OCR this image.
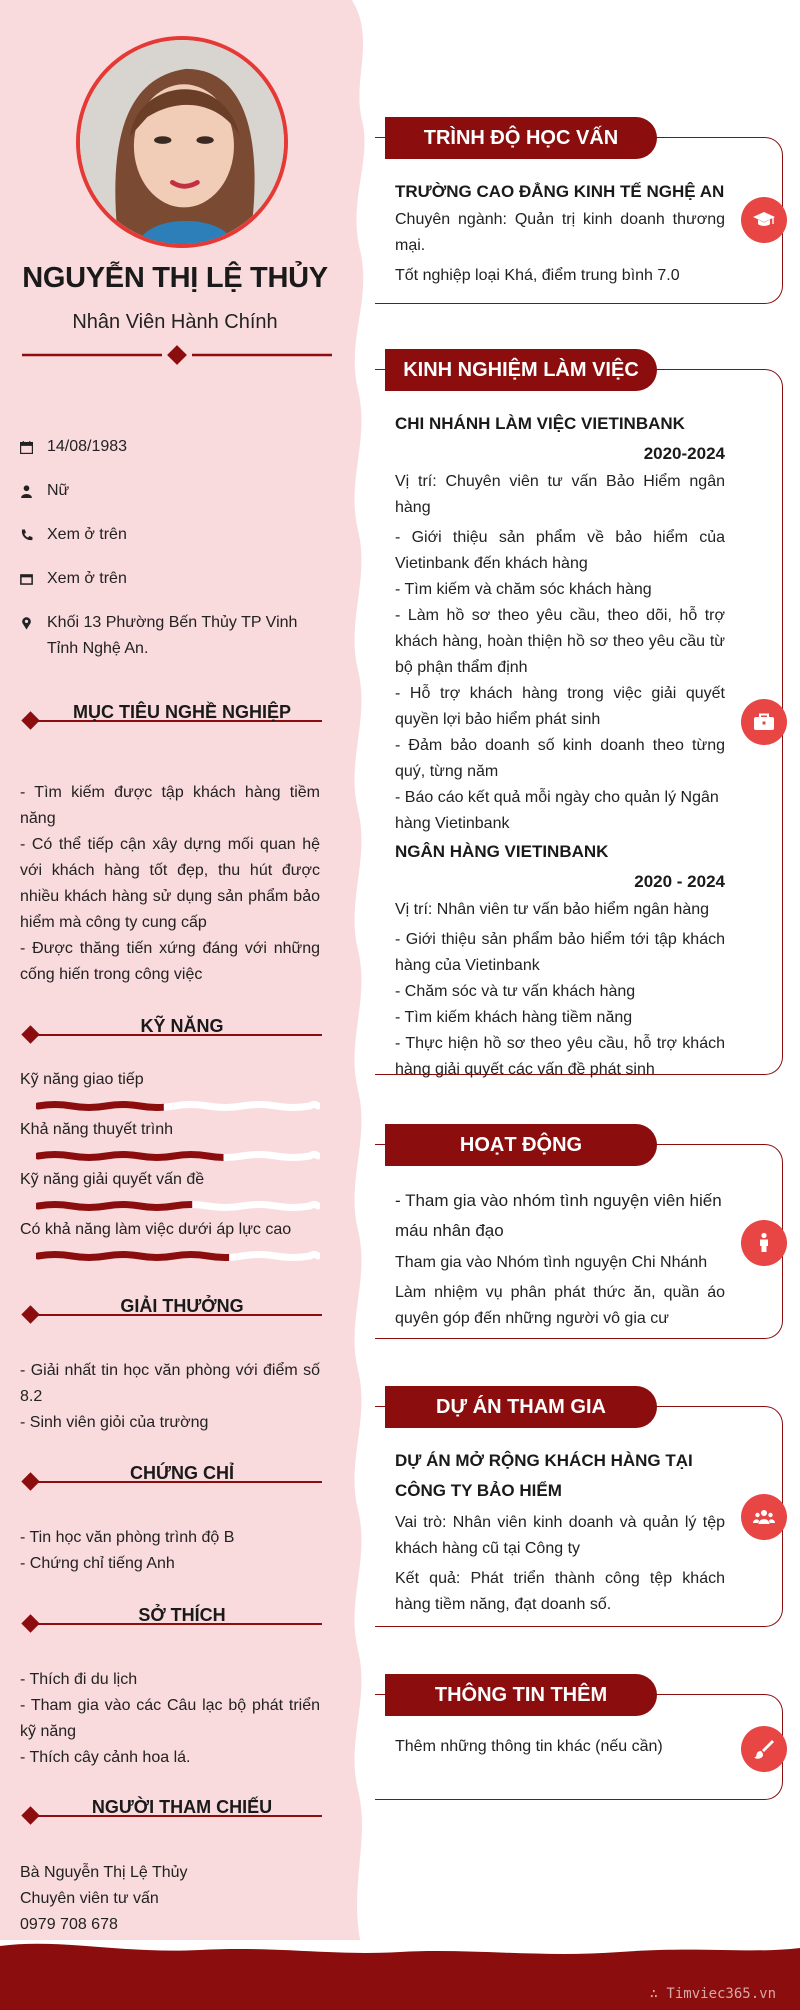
∴ Timviec365.vn
NGUYỄN THỊ LỆ THỦY
Nhân Viên Hành Chính
14/08/1983
Nữ
Xem ở trên
Xem ở trên
Khối 13 Phường Bến Thủy TP Vinh Tỉnh Nghệ An.
MỤC TIÊU NGHỀ NGHIỆP

- Tìm kiếm được tập khách hàng tiềm năng

- Có thể tiếp cận xây dựng mối quan hệ với khách hàng tốt đẹp, thu hút được nhiều khách hàng sử dụng sản phẩm bảo hiểm mà công ty cung cấp

- Được thăng tiến xứng đáng với những cống hiến trong công việc

KỸ NĂNG
Kỹ năng giao tiếp
Khả năng thuyết trình
Kỹ năng giải quyết vấn đề
Có khả năng làm việc dưới áp lực cao
GIẢI THƯỞNG

- Giải nhất tin học văn phòng với điểm số 8.2

- Sinh viên giỏi của trường

CHỨNG CHỈ

- Tin học văn phòng trình độ B

- Chứng chỉ tiếng Anh

SỞ THÍCH

- Thích đi du lịch

- Tham gia vào các Câu lạc bộ phát triển kỹ năng

- Thích cây cảnh hoa lá.

NGƯỜI THAM CHIẾU

Bà Nguyễn Thị Lệ Thủy

Chuyên viên tư vấn

0979 708 678

TRÌNH ĐỘ HỌC VẤN
TRƯỜNG CAO ĐẲNG KINH TẾ NGHỆ AN

Chuyên ngành: Quản trị kinh doanh thương mại.

Tốt nghiệp loại Khá, điểm trung bình 7.0

KINH NGHIỆM LÀM VIỆC
CHI NHÁNH LÀM VIỆC VIETINBANK
2020-2024

Vị trí: Chuyên viên tư vấn Bảo Hiểm ngân hàng

- Giới thiệu sản phẩm về bảo hiểm của Vietinbank đến khách hàng

- Tìm kiếm và chăm sóc khách hàng

- Làm hồ sơ theo yêu cầu, theo dõi, hỗ trợ khách hàng, hoàn thiện hồ sơ theo yêu cầu từ bộ phận thẩm định

- Hỗ trợ khách hàng trong việc giải quyết quyền lợi bảo hiểm phát sinh

- Đảm bảo doanh số kinh doanh theo từng quý, từng năm

- Báo cáo kết quả mỗi ngày cho quản lý Ngân hàng Vietinbank

NGÂN HÀNG VIETINBANK
2020 - 2024

Vị trí: Nhân viên tư vấn bảo hiểm ngân hàng

- Giới thiệu sản phẩm bảo hiểm tới tập khách hàng của Vietinbank

- Chăm sóc và tư vấn khách hàng

- Tìm kiếm khách hàng tiềm năng

- Thực hiện hồ sơ theo yêu cầu, hỗ trợ khách hàng giải quyết các vấn đề phát sinh

HOẠT ĐỘNG

- Tham gia vào nhóm tình nguyện viên hiến máu nhân đạo

Tham gia vào Nhóm tình nguyện Chi Nhánh

Làm nhiệm vụ phân phát thức ăn, quần áo quyên góp đến những người vô gia cư

DỰ ÁN THAM GIA
DỰ ÁN MỞ RỘNG KHÁCH HÀNG TẠI CÔNG TY BẢO HIỂM

Vai trò: Nhân viên kinh doanh và quản lý tệp khách hàng cũ tại Công ty

Kết quả: Phát triển thành công tệp khách hàng tiềm năng, đạt doanh số.

THÔNG TIN THÊM

Thêm những thông tin khác (nếu cần)
